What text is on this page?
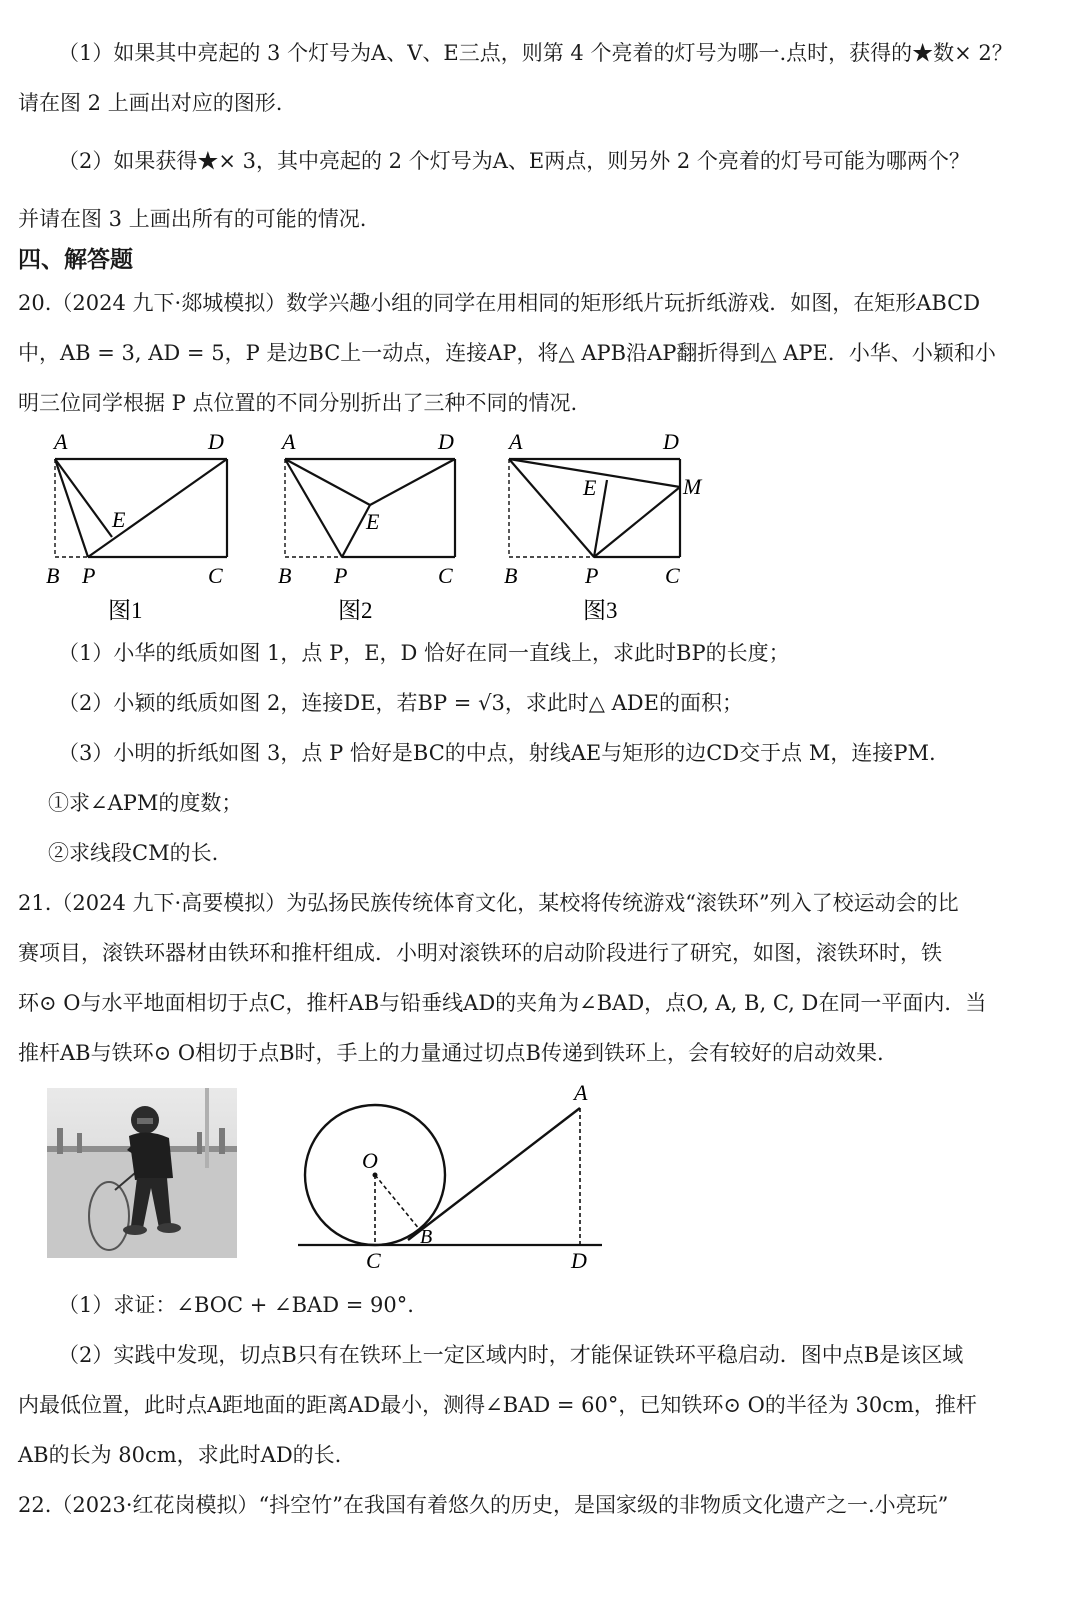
（1）如果其中亮起的 3 个灯号为A、V、E三点，则第 4 个亮着的灯号为哪一.点时，获得的★数× 2？
请在图 2 上画出对应的图形.
（2）如果获得★× 3，其中亮起的 2 个灯号为A、E两点，则另外 2 个亮着的灯号可能为哪两个？
并请在图 3 上画出所有的可能的情况.
四、解答题
20.（2024 九下·郯城模拟）数学兴趣小组的同学在用相同的矩形纸片玩折纸游戏．如图，在矩形ABCD
中，AB = 3, AD = 5，P 是边BC上一动点，连接AP，将△ APB沿AP翻折得到△ APE．小华、小颖和小
明三位同学根据 P 点位置的不同分别折出了三种不同的情况.
A	D
E
B P	C
图1
A	D
E
B P	C
图2
A	D
E	M
B	P	C
图3
（1）小华的纸质如图 1，点 P，E，D 恰好在同一直线上，求此时BP的长度；
（2）小颖的纸质如图 2，连接DE，若BP = √3，求此时△ ADE的面积；
（3）小明的折纸如图 3，点 P 恰好是BC的中点，射线AE与矩形的边CD交于点 M，连接PM.
①求∠APM的度数；
②求线段CM的长.
21.（2024 九下·高要模拟）为弘扬民族传统体育文化，某校将传统游戏“滚铁环”列入了校运动会的比
赛项目，滚铁环器材由铁环和推杆组成．小明对滚铁环的启动阶段进行了研究，如图，滚铁环时，铁
环⊙ O与水平地面相切于点C，推杆AB与铅垂线AD的夹角为∠BAD，点O, A, B, C, D在同一平面内．当
推杆AB与铁环⊙ O相切于点B时，手上的力量通过切点B传递到铁环上，会有较好的启动效果.
A
O
B
C	D
（1）求证：∠BOC + ∠BAD = 90°.
（2）实践中发现，切点B只有在铁环上一定区域内时，才能保证铁环平稳启动．图中点B是该区域
内最低位置，此时点A距地面的距离AD最小，测得∠BAD = 60°，已知铁环⊙ O的半径为 30cm，推杆
AB的长为 80cm，求此时AD的长.
22.（2023·红花岗模拟）“抖空竹”在我国有着悠久的历史，是国家级的非物质文化遗产之一.小亮玩”
